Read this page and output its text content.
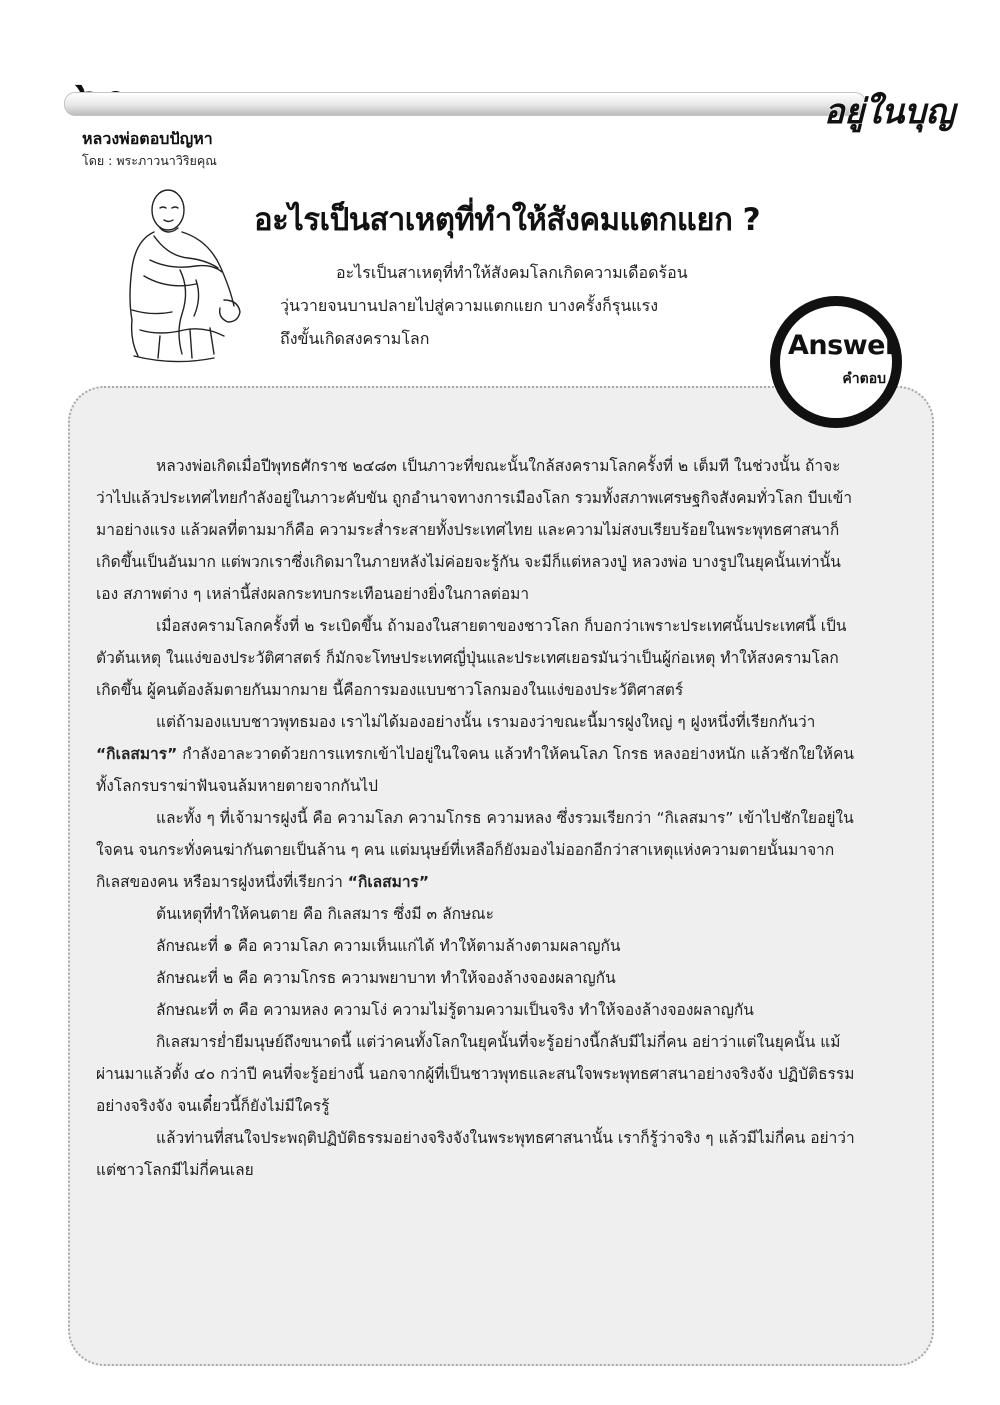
อยู่ในบุญ
หลวงพ่อตอบปัญหา
โดย : พระภาวนาวิริยคุณ
อะไรเป็นสาเหตุที่ทำให้สังคมแตกแยก ?

อะไรเป็นสาเหตุที่ทำให้สังคมโลกเกิดความเดือดร้อน

วุ่นวายจนบานปลายไปสู่ความแตกแยก บางครั้งก็รุนแรง

ถึงขั้นเกิดสงครามโลก	Answer
คำตอบ

หลวงพ่อเกิดเมื่อปีพุทธศักราช ๒๔๘๓ เป็นภาวะที่ขณะนั้นใกล้สงครามโลกครั้งที่ ๒ เต็มที ในช่วงนั้น ถ้าจะว่าไปแล้วประเทศไทยกำลังอยู่ในภาวะคับขัน ถูกอำนาจทางการเมืองโลก รวมทั้งสภาพเศรษฐกิจสังคมทั่วโลก บีบเข้ามาอย่างแรง แล้วผลที่ตามมาก็คือ ความระส่ำระสายทั้งประเทศไทย และความไม่สงบเรียบร้อยในพระพุทธศาสนาก็เกิดขึ้นเป็นอันมาก แต่พวกเราซึ่งเกิดมาในภายหลังไม่ค่อยจะรู้กัน จะมีก็แต่หลวงปู่ หลวงพ่อ บางรูปในยุคนั้นเท่านั้นเอง สภาพต่าง ๆ เหล่านี้ส่งผลกระทบกระเทือนอย่างยิ่งในกาลต่อมา

เมื่อสงครามโลกครั้งที่ ๒ ระเบิดขึ้น ถ้ามองในสายตาของชาวโลก ก็บอกว่าเพราะประเทศนั้นประเทศนี้ เป็นตัวต้นเหตุ ในแง่ของประวัติศาสตร์ ก็มักจะโทษประเทศญี่ปุ่นและประเทศเยอรมันว่าเป็นผู้ก่อเหตุ ทำให้สงครามโลกเกิดขึ้น ผู้คนต้องล้มตายกันมากมาย นี้คือการมองแบบชาวโลกมองในแง่ของประวัติศาสตร์

แต่ถ้ามองแบบชาวพุทธมอง เราไม่ได้มองอย่างนั้น เรามองว่าขณะนี้มารฝูงใหญ่ ๆ ฝูงหนึ่งที่เรียกกันว่า “กิเลสมาร” กำลังอาละวาดด้วยการแทรกเข้าไปอยู่ในใจคน แล้วทำให้คนโลภ โกรธ หลงอย่างหนัก แล้วชักใยให้คนทั้งโลกรบราฆ่าฟันจนล้มหายตายจากกันไป

และทั้ง ๆ ที่เจ้ามารฝูงนี้ คือ ความโลภ ความโกรธ ความหลง ซึ่งรวมเรียกว่า “กิเลสมาร” เข้าไปชักใยอยู่ในใจคน จนกระทั่งคนฆ่ากันตายเป็นล้าน ๆ คน แต่มนุษย์ที่เหลือก็ยังมองไม่ออกอีกว่าสาเหตุแห่งความตายนั้นมาจากกิเลสของคน หรือมารฝูงหนึ่งที่เรียกว่า “กิเลสมาร”

ต้นเหตุที่ทำให้คนตาย คือ กิเลสมาร ซึ่งมี ๓ ลักษณะ

ลักษณะที่ ๑ คือ ความโลภ ความเห็นแก่ได้ ทำให้ตามล้างตามผลาญกัน

ลักษณะที่ ๒ คือ ความโกรธ ความพยาบาท ทำให้จองล้างจองผลาญกัน

ลักษณะที่ ๓ คือ ความหลง ความโง่ ความไม่รู้ตามความเป็นจริง ทำให้จองล้างจองผลาญกัน

กิเลสมารย่ำยีมนุษย์ถึงขนาดนี้ แต่ว่าคนทั้งโลกในยุคนั้นที่จะรู้อย่างนี้กลับมีไม่กี่คน อย่าว่าแต่ในยุคนั้น แม้ผ่านมาแล้วตั้ง ๔๐ กว่าปี คนที่จะรู้อย่างนี้ นอกจากผู้ที่เป็นชาวพุทธและสนใจพระพุทธศาสนาอย่างจริงจัง ปฏิบัติธรรมอย่างจริงจัง จนเดี๋ยวนี้ก็ยังไม่มีใครรู้

แล้วท่านที่สนใจประพฤติปฏิบัติธรรมอย่างจริงจังในพระพุทธศาสนานั้น เราก็รู้ว่าจริง ๆ แล้วมีไม่กี่คน อย่าว่าแต่ชาวโลกมีไม่กี่คนเลย
